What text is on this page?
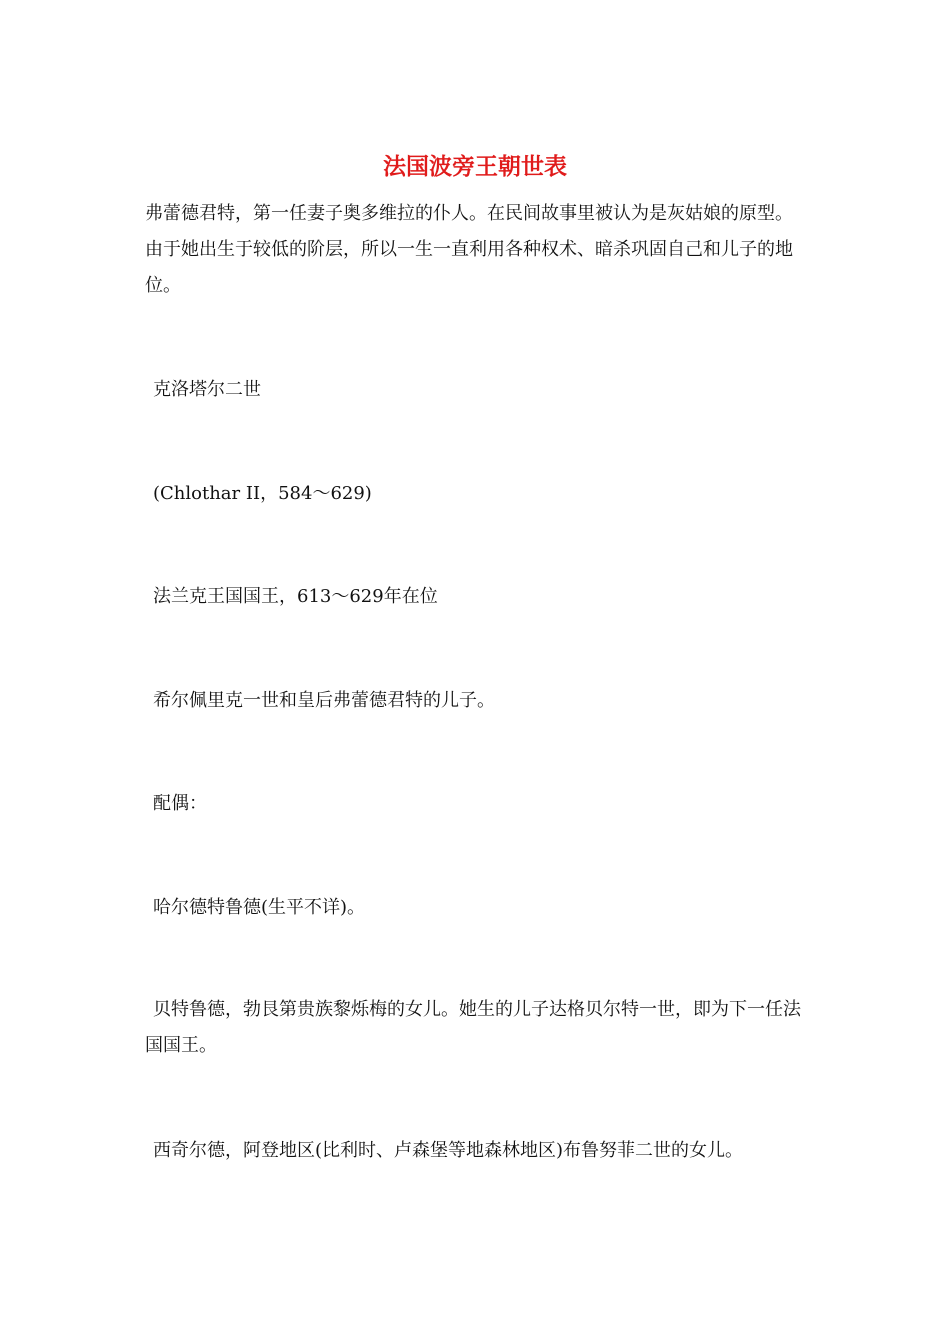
法国波旁王朝世表

弗蕾德君特，第一任妻子奥多维拉的仆人。在民间故事里被认为是灰姑娘的原型。由于她出生于较低的阶层，所以一生一直利用各种权术、暗杀巩固自己和儿子的地位。

克洛塔尔二世

(Chlothar II，584～629)

法兰克王国国王，613～629年在位

希尔佩里克一世和皇后弗蕾德君特的儿子。

配偶：

哈尔德特鲁德(生平不详)。

贝特鲁德，勃艮第贵族黎烁梅的女儿。她生的儿子达格贝尔特一世，即为下一任法国国王。

西奇尔德，阿登地区(比利时、卢森堡等地森林地区)布鲁努菲二世的女儿。
